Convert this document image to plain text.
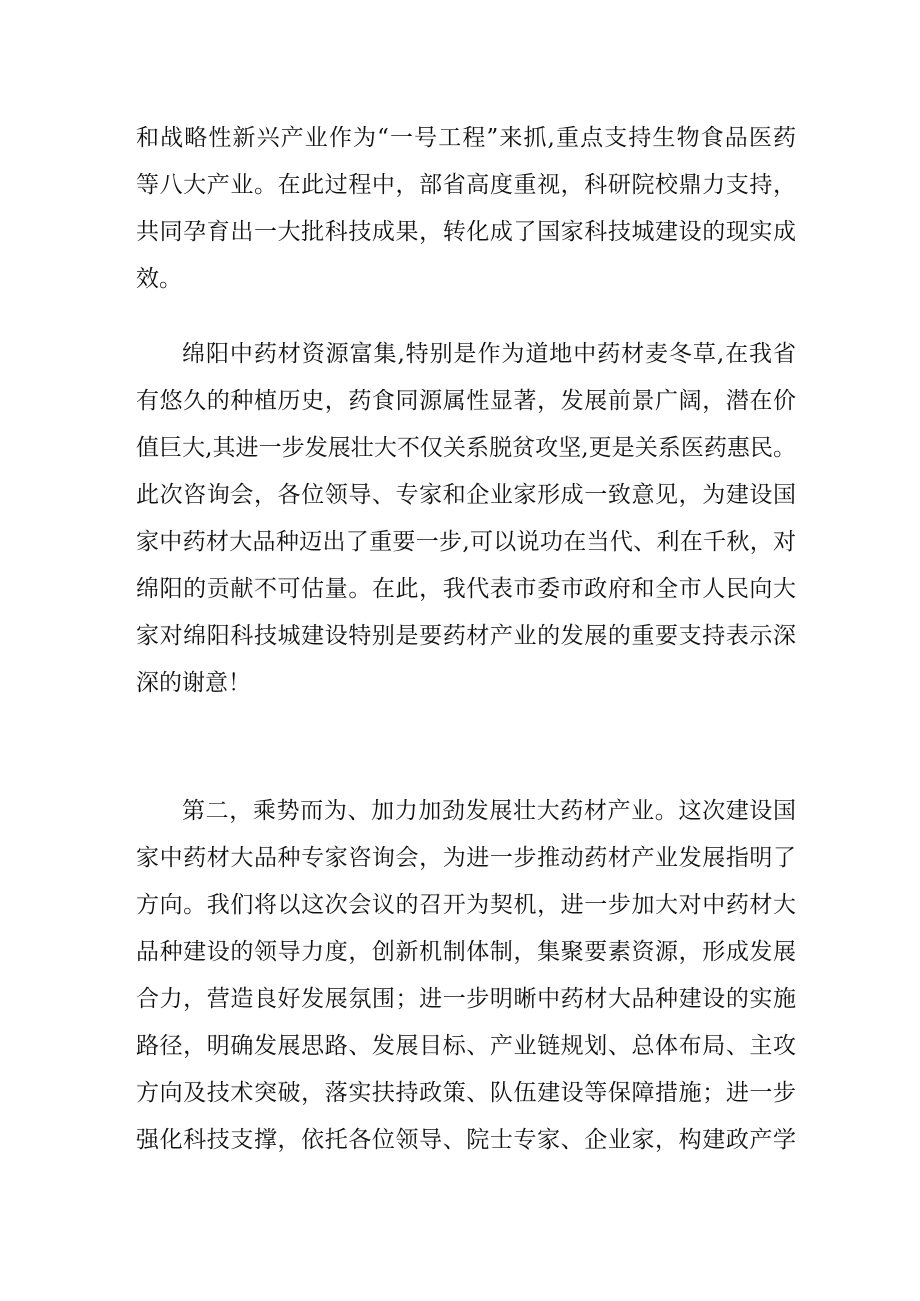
和战略性新兴产业作为“一号工程”来抓,重点支持生物食品医药
等八大产业。在此过程中，部省高度重视，科研院校鼎力支持，
共同孕育出一大批科技成果，转化成了国家科技城建设的现实成
效。
绵阳中药材资源富集,特别是作为道地中药材麦冬草,在我省
有悠久的种植历史，药食同源属性显著，发展前景广阔，潜在价
值巨大,其进一步发展壮大不仅关系脱贫攻坚,更是关系医药惠民。
此次咨询会，各位领导、专家和企业家形成一致意见，为建设国
家中药材大品种迈出了重要一步,可以说功在当代、利在千秋，对
绵阳的贡献不可估量。在此，我代表市委市政府和全市人民向大
家对绵阳科技城建设特别是要药材产业的发展的重要支持表示深
深的谢意！
第二，乘势而为、加力加劲发展壮大药材产业。这次建设国
家中药材大品种专家咨询会，为进一步推动药材产业发展指明了
方向。我们将以这次会议的召开为契机，进一步加大对中药材大
品种建设的领导力度，创新机制体制，集聚要素资源，形成发展
合力，营造良好发展氛围；进一步明晰中药材大品种建设的实施
路径，明确发展思路、发展目标、产业链规划、总体布局、主攻
方向及技术突破，落实扶持政策、队伍建设等保障措施；进一步
强化科技支撑，依托各位领导、院士专家、企业家，构建政产学
